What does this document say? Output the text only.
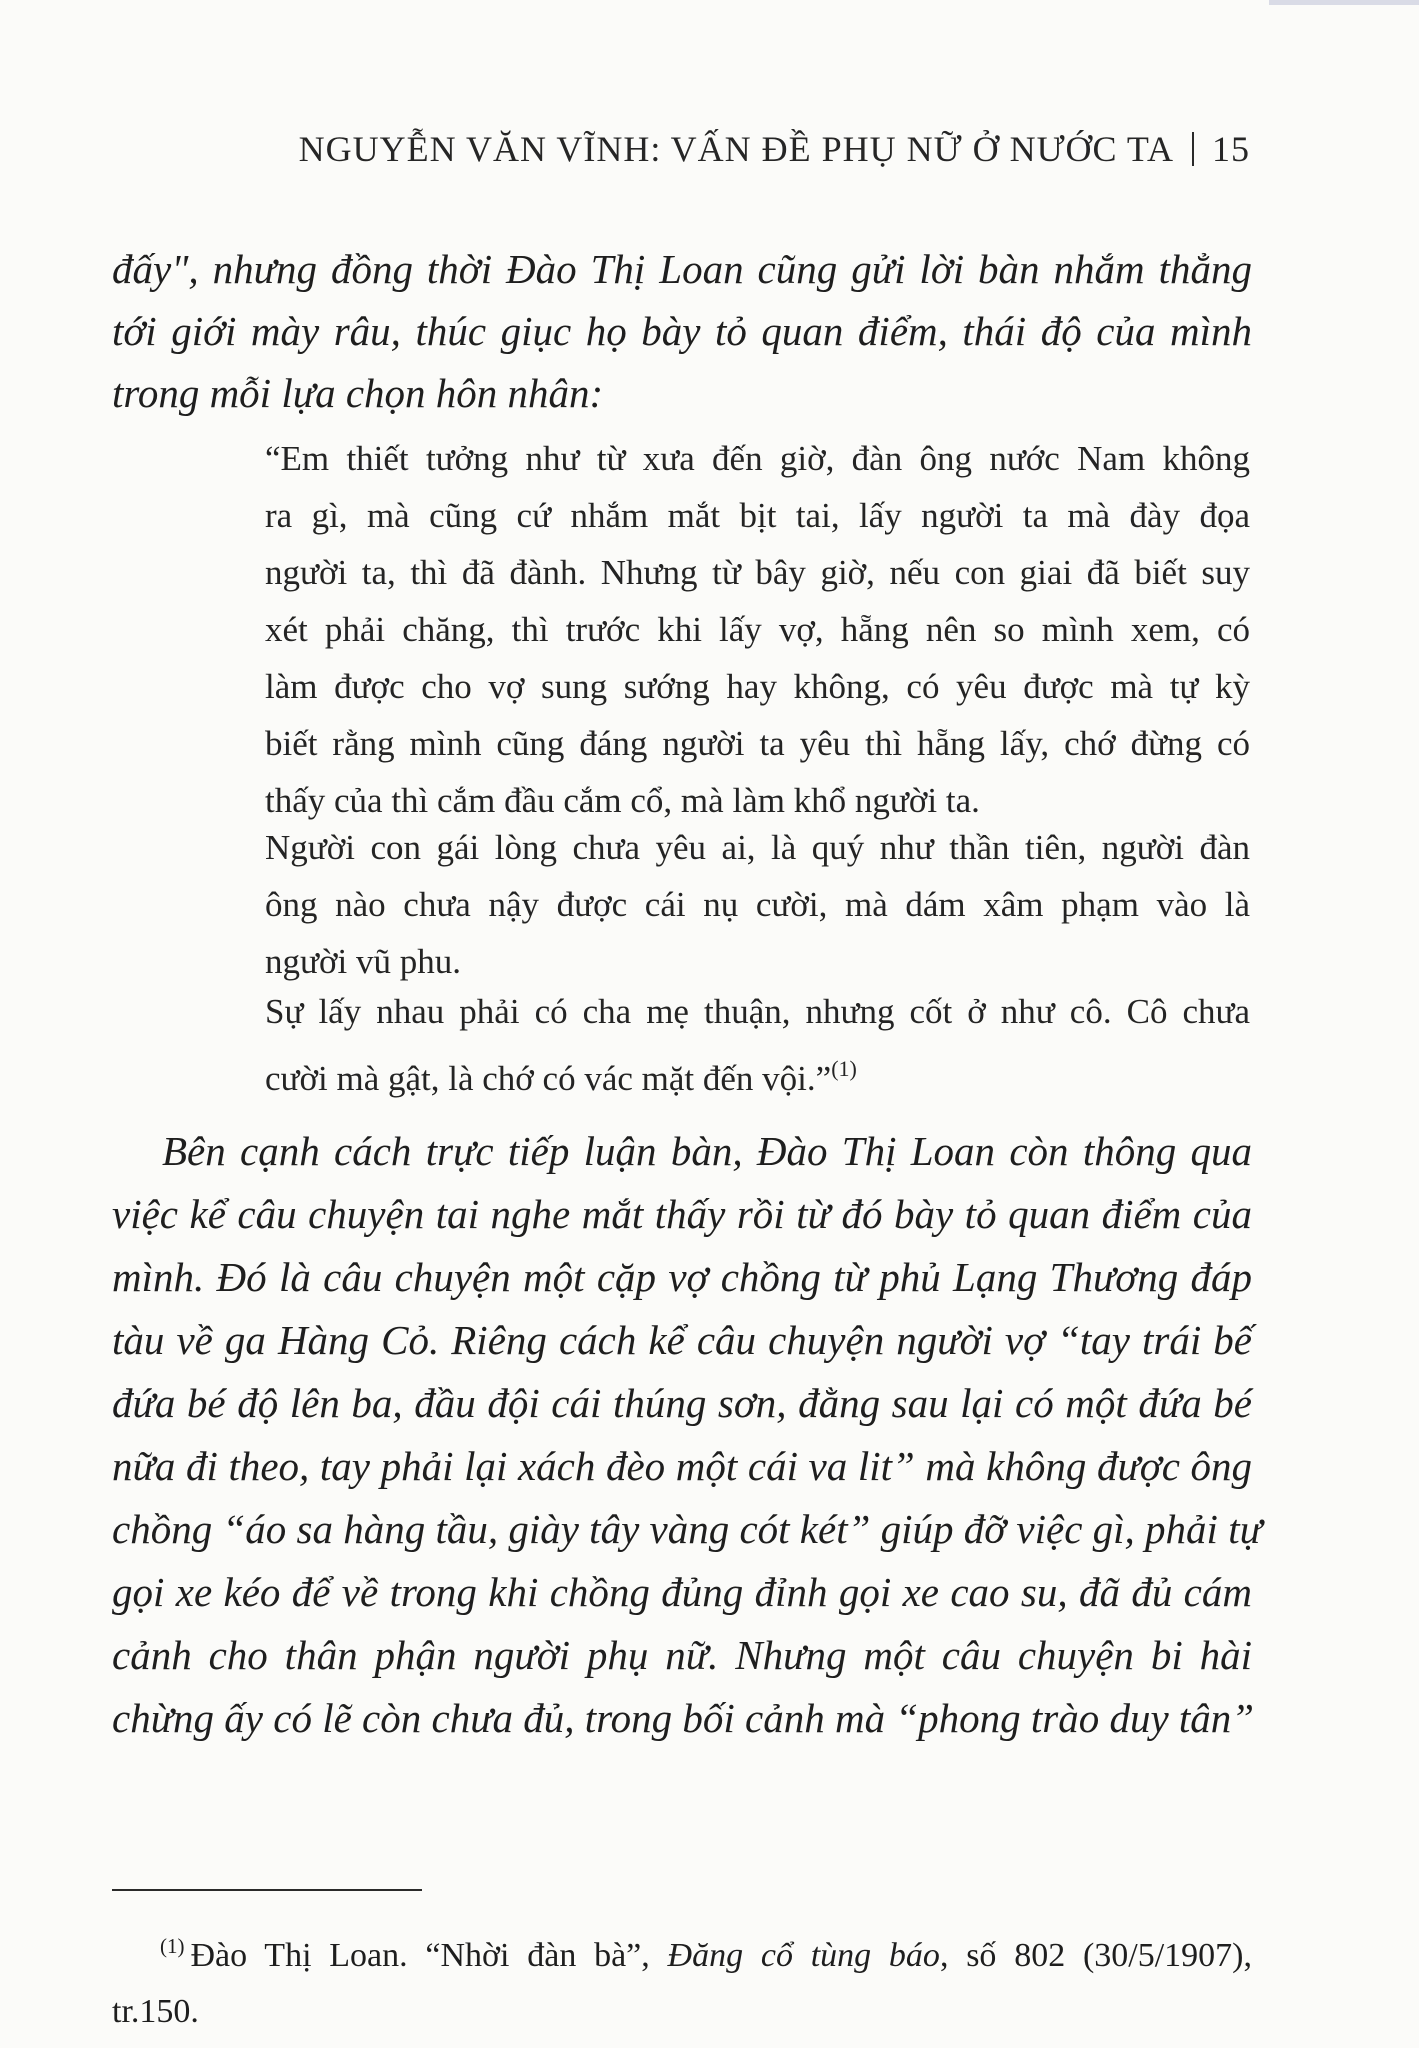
NGUYỄN VĂN VĨNH: VẤN ĐỀ PHỤ NỮ Ở NƯỚC TA 15

đấy", nhưng đồng thời Đào Thị Loan cũng gửi lời bàn nhắm thẳng
tới giới mày râu, thúc giục họ bày tỏ quan điểm, thái độ của mình
trong mỗi lựa chọn hôn nhân:

“Em thiết tưởng như từ xưa đến giờ, đàn ông nước Nam không
ra gì, mà cũng cứ nhắm mắt bịt tai, lấy người ta mà đày đọa
người ta, thì đã đành. Nhưng từ bây giờ, nếu con giai đã biết suy
xét phải chăng, thì trước khi lấy vợ, hẵng nên so mình xem, có
làm được cho vợ sung sướng hay không, có yêu được mà tự kỳ
biết rằng mình cũng đáng người ta yêu thì hẵng lấy, chớ đừng có
thấy của thì cắm đầu cắm cổ, mà làm khổ người ta.

Người con gái lòng chưa yêu ai, là quý như thần tiên, người đàn
ông nào chưa nậy được cái nụ cười, mà dám xâm phạm vào là
người vũ phu.

Sự lấy nhau phải có cha mẹ thuận, nhưng cốt ở như cô. Cô chưa
cười mà gật, là chớ có vác mặt đến vội.”$^{(1)}$

Bên cạnh cách trực tiếp luận bàn, Đào Thị Loan còn thông qua
việc kể câu chuyện tai nghe mắt thấy rồi từ đó bày tỏ quan điểm của
mình. Đó là câu chuyện một cặp vợ chồng từ phủ Lạng Thương đáp
tàu về ga Hàng Cỏ. Riêng cách kể câu chuyện người vợ “tay trái bế
đứa bé độ lên ba, đầu đội cái thúng sơn, đằng sau lại có một đứa bé
nữa đi theo, tay phải lại xách đèo một cái va lit” mà không được ông
chồng “áo sa hàng tầu, giày tây vàng cót két” giúp đỡ việc gì, phải tự
gọi xe kéo để về trong khi chồng đủng đỉnh gọi xe cao su, đã đủ cám
cảnh cho thân phận người phụ nữ. Nhưng một câu chuyện bi hài
chừng ấy có lẽ còn chưa đủ, trong bối cảnh mà “phong trào duy tân”

$^{(1)}$ Đào Thị Loan. “Nhời đàn bà”, Đăng cổ tùng báo, số 802 (30/5/1907),
tr.150.
